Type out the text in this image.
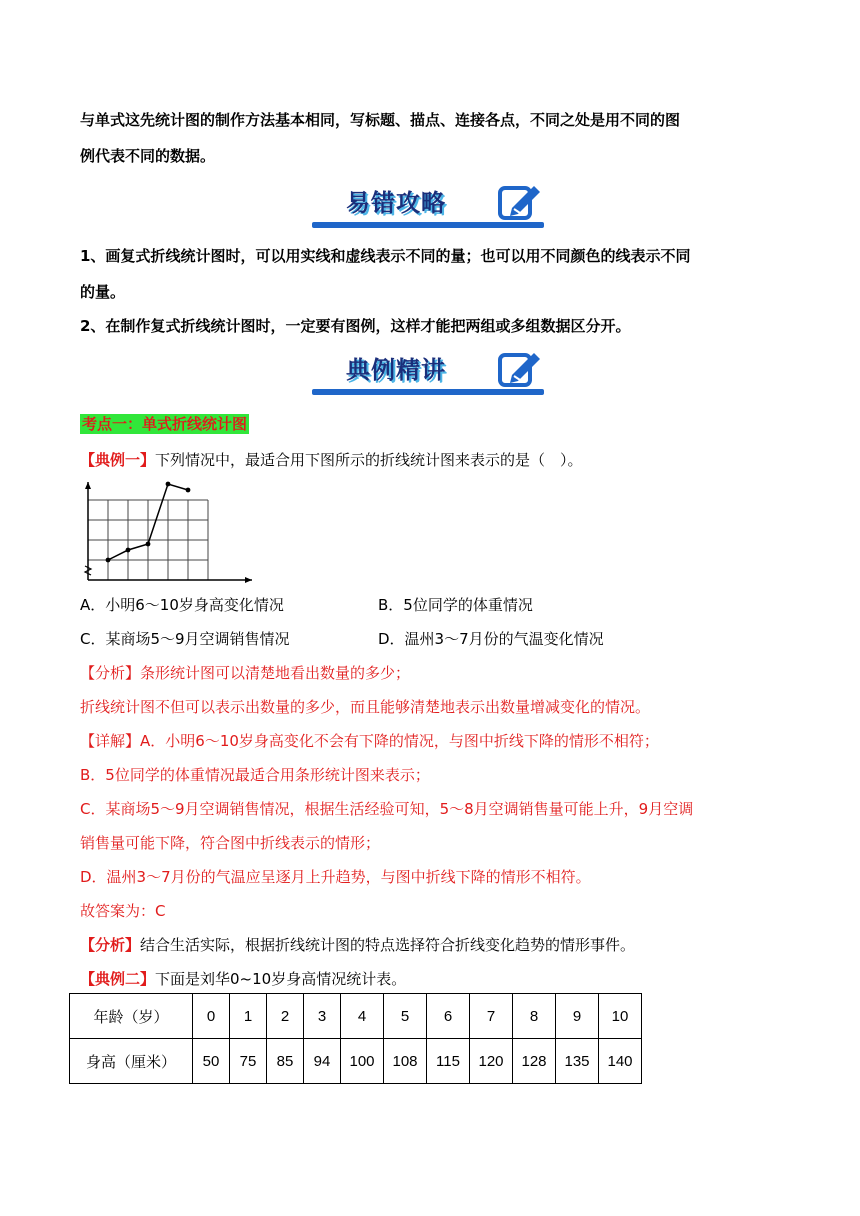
与单式这先统计图的制作方法基本相同，写标题、描点、连接各点，不同之处是用不同的图
例代表不同的数据。
易错攻略
1、画复式折线统计图时，可以用实线和虚线表示不同的量；也可以用不同颜色的线表示不同
的量。
2、在制作复式折线统计图时，一定要有图例，这样才能把两组或多组数据区分开。
典例精讲
考点一：单式折线统计图
【典例一】下列情况中，最适合用下图所示的折线统计图来表示的是（　）。
A．小明6～10岁身高变化情况	B．5位同学的体重情况
C．某商场5～9月空调销售情况	D．温州3～7月份的气温变化情况
【分析】条形统计图可以清楚地看出数量的多少；
折线统计图不但可以表示出数量的多少，而且能够清楚地表示出数量增减变化的情况。
【详解】A．小明6～10岁身高变化不会有下降的情况，与图中折线下降的情形不相符；
B．5位同学的体重情况最适合用条形统计图来表示；
C．某商场5～9月空调销售情况，根据生活经验可知，5～8月空调销售量可能上升，9月空调
销售量可能下降，符合图中折线表示的情形；
D．温州3～7月份的气温应呈逐月上升趋势，与图中折线下降的情形不相符。
故答案为：C
【分析】结合生活实际，根据折线统计图的特点选择符合折线变化趋势的情形事件。
【典例二】下面是刘华0~10岁身高情况统计表。
年龄（岁）	0	1	2	3	4	5	6	7	8	9	10
身高（厘米）	50	75	85	94	100	108	115	120	128	135	140
